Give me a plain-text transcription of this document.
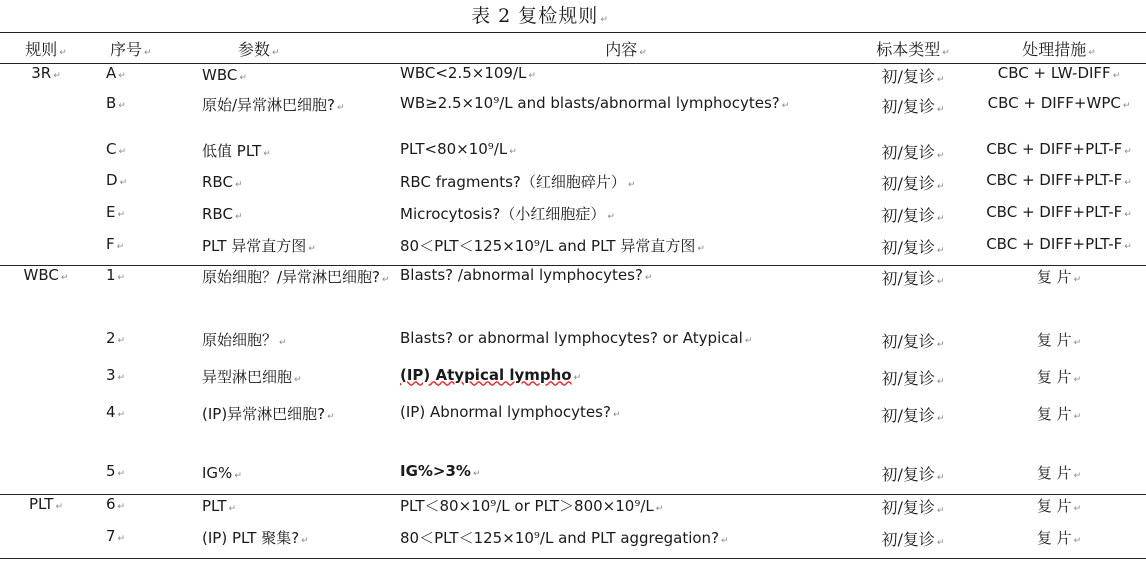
表 2 复检规则 ↵
规则 ↵	序号 ↵	参数 ↵	内容 ↵	标本类型 ↵	处理措施 ↵
3R ↵	A ↵	WBC ↵	WBC<2.5×109/L ↵	初/复诊 ↵	CBC + LW-DIFF ↵
	B ↵	原始/异常淋巴细胞? ↵	WB≥2.5×10⁹/L and blasts/abnormal lymphocytes? ↵	初/复诊 ↵	CBC + DIFF+WPC ↵
	C ↵	低值 PLT ↵	PLT<80×10⁹/L ↵	初/复诊 ↵	CBC + DIFF+PLT-F ↵
	D ↵	RBC ↵	RBC fragments?（红细胞碎片） ↵	初/复诊 ↵	CBC + DIFF+PLT-F ↵
	E ↵	RBC ↵	Microcytosis?（小红细胞症） ↵	初/复诊 ↵	CBC + DIFF+PLT-F ↵
	F ↵	PLT 异常直方图 ↵	80＜PLT＜125×10⁹/L and PLT 异常直方图 ↵	初/复诊 ↵	CBC + DIFF+PLT-F ↵
WBC ↵	1 ↵	原始细胞？/异常淋巴细胞? ↵	Blasts? /abnormal lymphocytes? ↵	初/复诊 ↵	复 片 ↵
	2 ↵	原始细胞？ ↵	Blasts? or abnormal lymphocytes? or Atypical ↵	初/复诊 ↵	复 片 ↵
	3 ↵	异型淋巴细胞 ↵	(IP) Atypical lympho ↵	初/复诊 ↵	复 片 ↵
	4 ↵	(IP)异常淋巴细胞? ↵	(IP) Abnormal lymphocytes? ↵	初/复诊 ↵	复 片 ↵
	5 ↵	IG% ↵	IG%>3% ↵	初/复诊 ↵	复 片 ↵
PLT ↵	6 ↵	PLT ↵	PLT＜80×10⁹/L or PLT＞800×10⁹/L ↵	初/复诊 ↵	复 片 ↵
	7 ↵	(IP) PLT 聚集? ↵	80＜PLT＜125×10⁹/L and PLT aggregation? ↵	初/复诊 ↵	复 片 ↵
